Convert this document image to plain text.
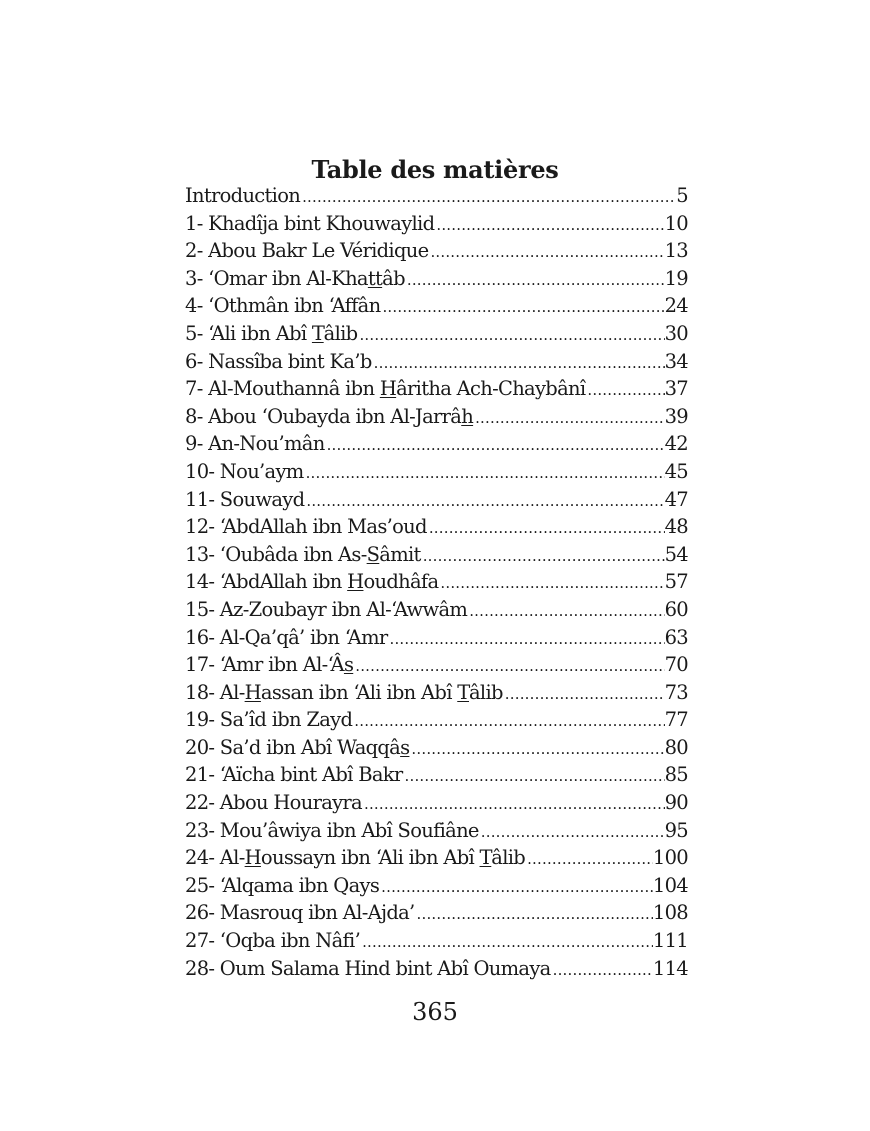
Table des matières
Introduction .....	5
1- Khadîja bint Khouwaylid .....	10
2- Abou Bakr Le Véridique .....	13
3- ‘Omar ibn Al-Khattâb .....	19
4- ‘Othmân ibn ‘Affân .....	24
5- ‘Ali ibn Abî Tâlib .....	30
6- Nassîba bint Ka’b .....	34
7- Al-Mouthannâ ibn Hâritha Ach-Chaybânî .....	37
8- Abou ‘Oubayda ibn Al-Jarrâh .....	39
9- An-Nou’mân .....	42
10- Nou’aym .....	45
11- Souwayd .....	47
12- ‘AbdAllah ibn Mas’oud .....	48
13- ‘Oubâda ibn As-Sâmit .....	54
14- ‘AbdAllah ibn Houdhâfa .....	57
15- Az-Zoubayr ibn Al-‘Awwâm .....	60
16- Al-Qa’qâ’ ibn ‘Amr .....	63
17- ‘Amr ibn Al-‘Âs .....	70
18- Al-Hassan ibn ‘Ali ibn Abî Tâlib .....	73
19- Sa’îd ibn Zayd .....	77
20- Sa’d ibn Abî Waqqâs .....	80
21- ‘Aïcha bint Abî Bakr .....	85
22- Abou Hourayra .....	90
23- Mou’âwiya ibn Abî Soufiâne .....	95
24- Al-Houssayn ibn ‘Ali ibn Abî Tâlib .....	100
25- ‘Alqama ibn Qays .....	104
26- Masrouq ibn Al-Ajda’ .....	108
27- ‘Oqba ibn Nâfi’ .....	111
28- Oum Salama Hind bint Abî Oumaya .....	114
365
